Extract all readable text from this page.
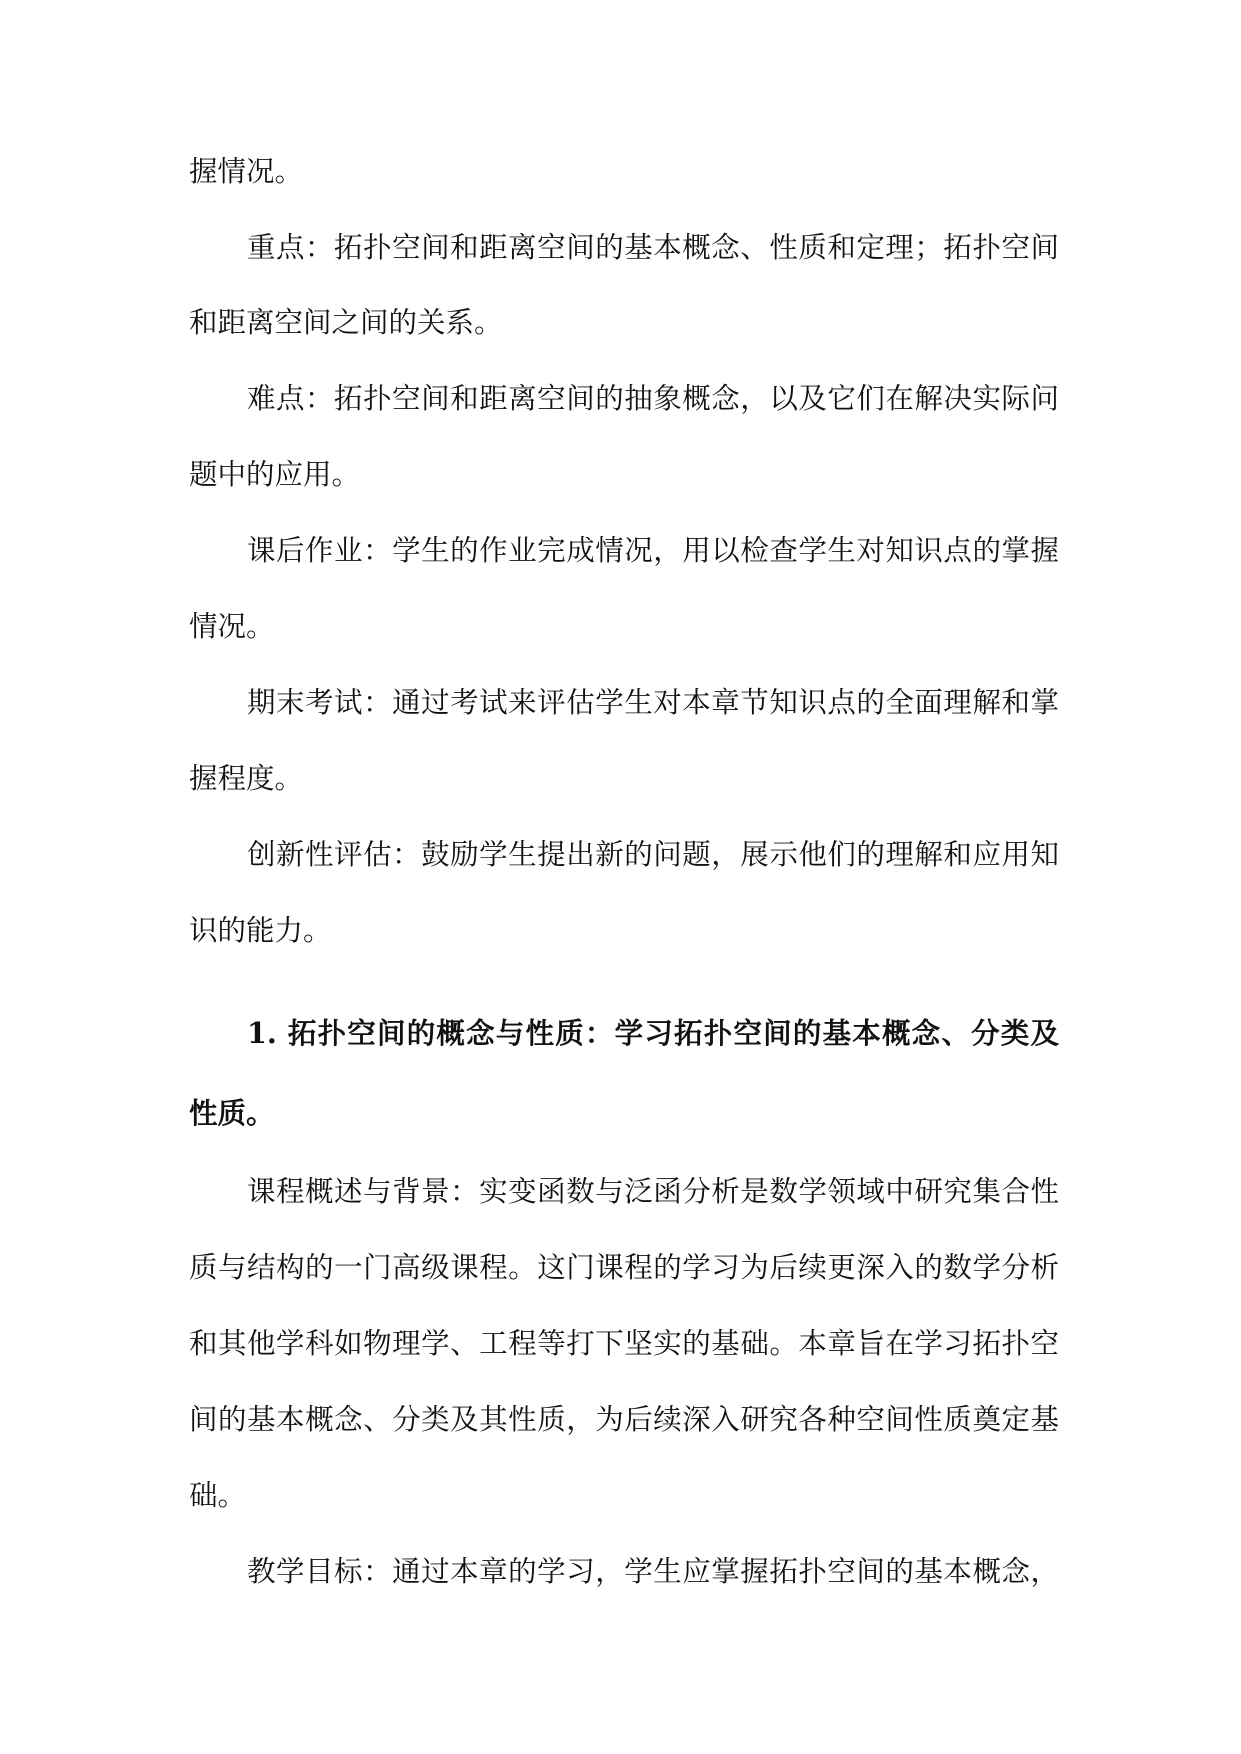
握情况。
重点：拓扑空间和距离空间的基本概念、性质和定理；拓扑空间
和距离空间之间的关系。
难点：拓扑空间和距离空间的抽象概念，以及它们在解决实际问
题中的应用。
课后作业：学生的作业完成情况，用以检查学生对知识点的掌握
情况。
期末考试：通过考试来评估学生对本章节知识点的全面理解和掌
握程度。
创新性评估：鼓励学生提出新的问题，展示他们的理解和应用知
识的能力。
1. 拓扑空间的概念与性质：学习拓扑空间的基本概念、分类及
性质。
课程概述与背景：实变函数与泛函分析是数学领域中研究集合性
质与结构的一门高级课程。这门课程的学习为后续更深入的数学分析
和其他学科如物理学、工程等打下坚实的基础。本章旨在学习拓扑空
间的基本概念、分类及其性质，为后续深入研究各种空间性质奠定基
础。
教学目标：通过本章的学习，学生应掌握拓扑空间的基本概念，
